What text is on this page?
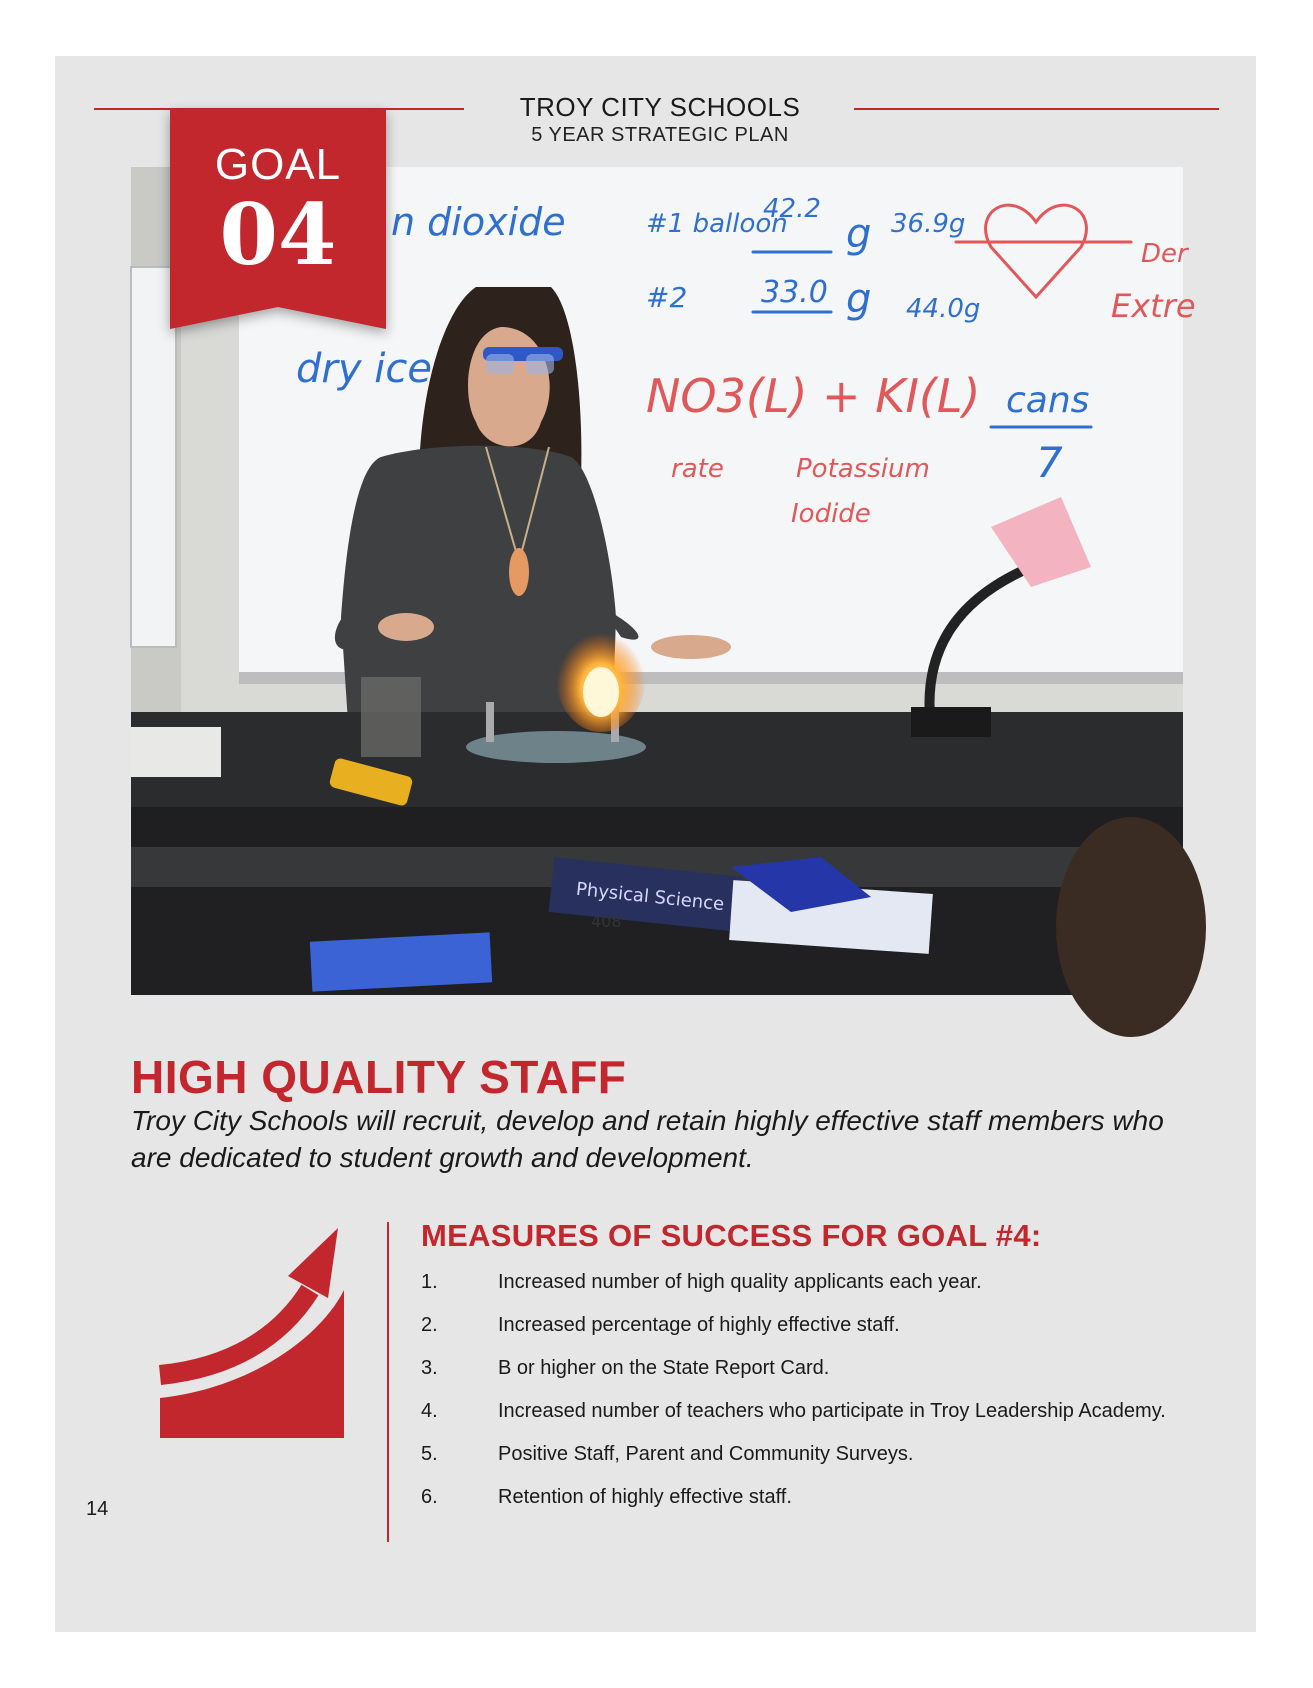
TROY CITY SCHOOLS
5 YEAR STRATEGIC PLAN
n dioxide
dry ice
#1 balloon
42.2
g 36.9g
#2 33.0 g 44.0g
cans
7
NO3(L) + KI(L)
rate	Potassium
Iodide
Extre
Der
Physical Science
408
GOAL
04
HIGH QUALITY STAFF
Troy City Schools will recruit, develop and retain highly effective staff members who are dedicated to student growth and development.
MEASURES OF SUCCESS FOR GOAL #4:
1.	Increased number of high quality applicants each year.
2.	Increased percentage of highly effective staff.
3.	B or higher on the State Report Card.
4.	Increased number of teachers who participate in Troy Leadership Academy.
5.	Positive Staff, Parent and Community Surveys.
6.	Retention of highly effective staff.
14
